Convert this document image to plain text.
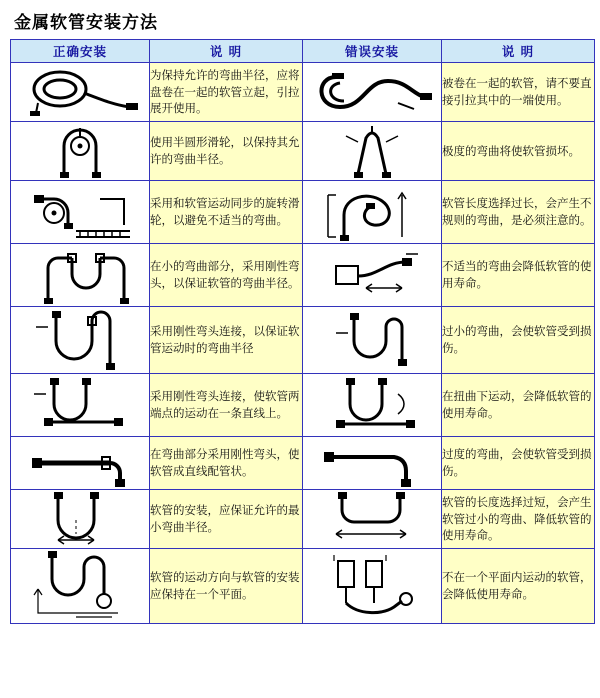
金属软管安装方法
正确安装	说 明	错误安装	说 明

	为保持允许的弯曲半径，应将盘卷在一起的软管立起，引拉展开使用。		被卷在一起的软管，请不要直接引拉其中的一端使用。

	使用半圆形滑轮，以保持其允许的弯曲半径。		极度的弯曲将使软管损坏。

	采用和软管运动同步的旋转滑轮，以避免不适当的弯曲。		软管长度选择过长，会产生不规则的弯曲，是必须注意的。

	在小的弯曲部分，采用刚性弯头，以保证软管的弯曲半径。		不适当的弯曲会降低软管的使用寿命。

	采用刚性弯头连接，以保证软管运动时的弯曲半径		过小的弯曲，会使软管受到损伤。

	采用刚性弯头连接，使软管两端点的运动在一条直线上。		在扭曲下运动，会降低软管的使用寿命。

	在弯曲部分采用刚性弯头，使软管成直线配管状。		过度的弯曲，会使软管受到损伤。

	软管的安装，应保证允许的最小弯曲半径。		软管的长度选择过短，会产生软管过小的弯曲、降低软管的使用寿命。

	软管的运动方向与软管的安装应保持在一个平面。		不在一个平面内运动的软管，会降低使用寿命。
